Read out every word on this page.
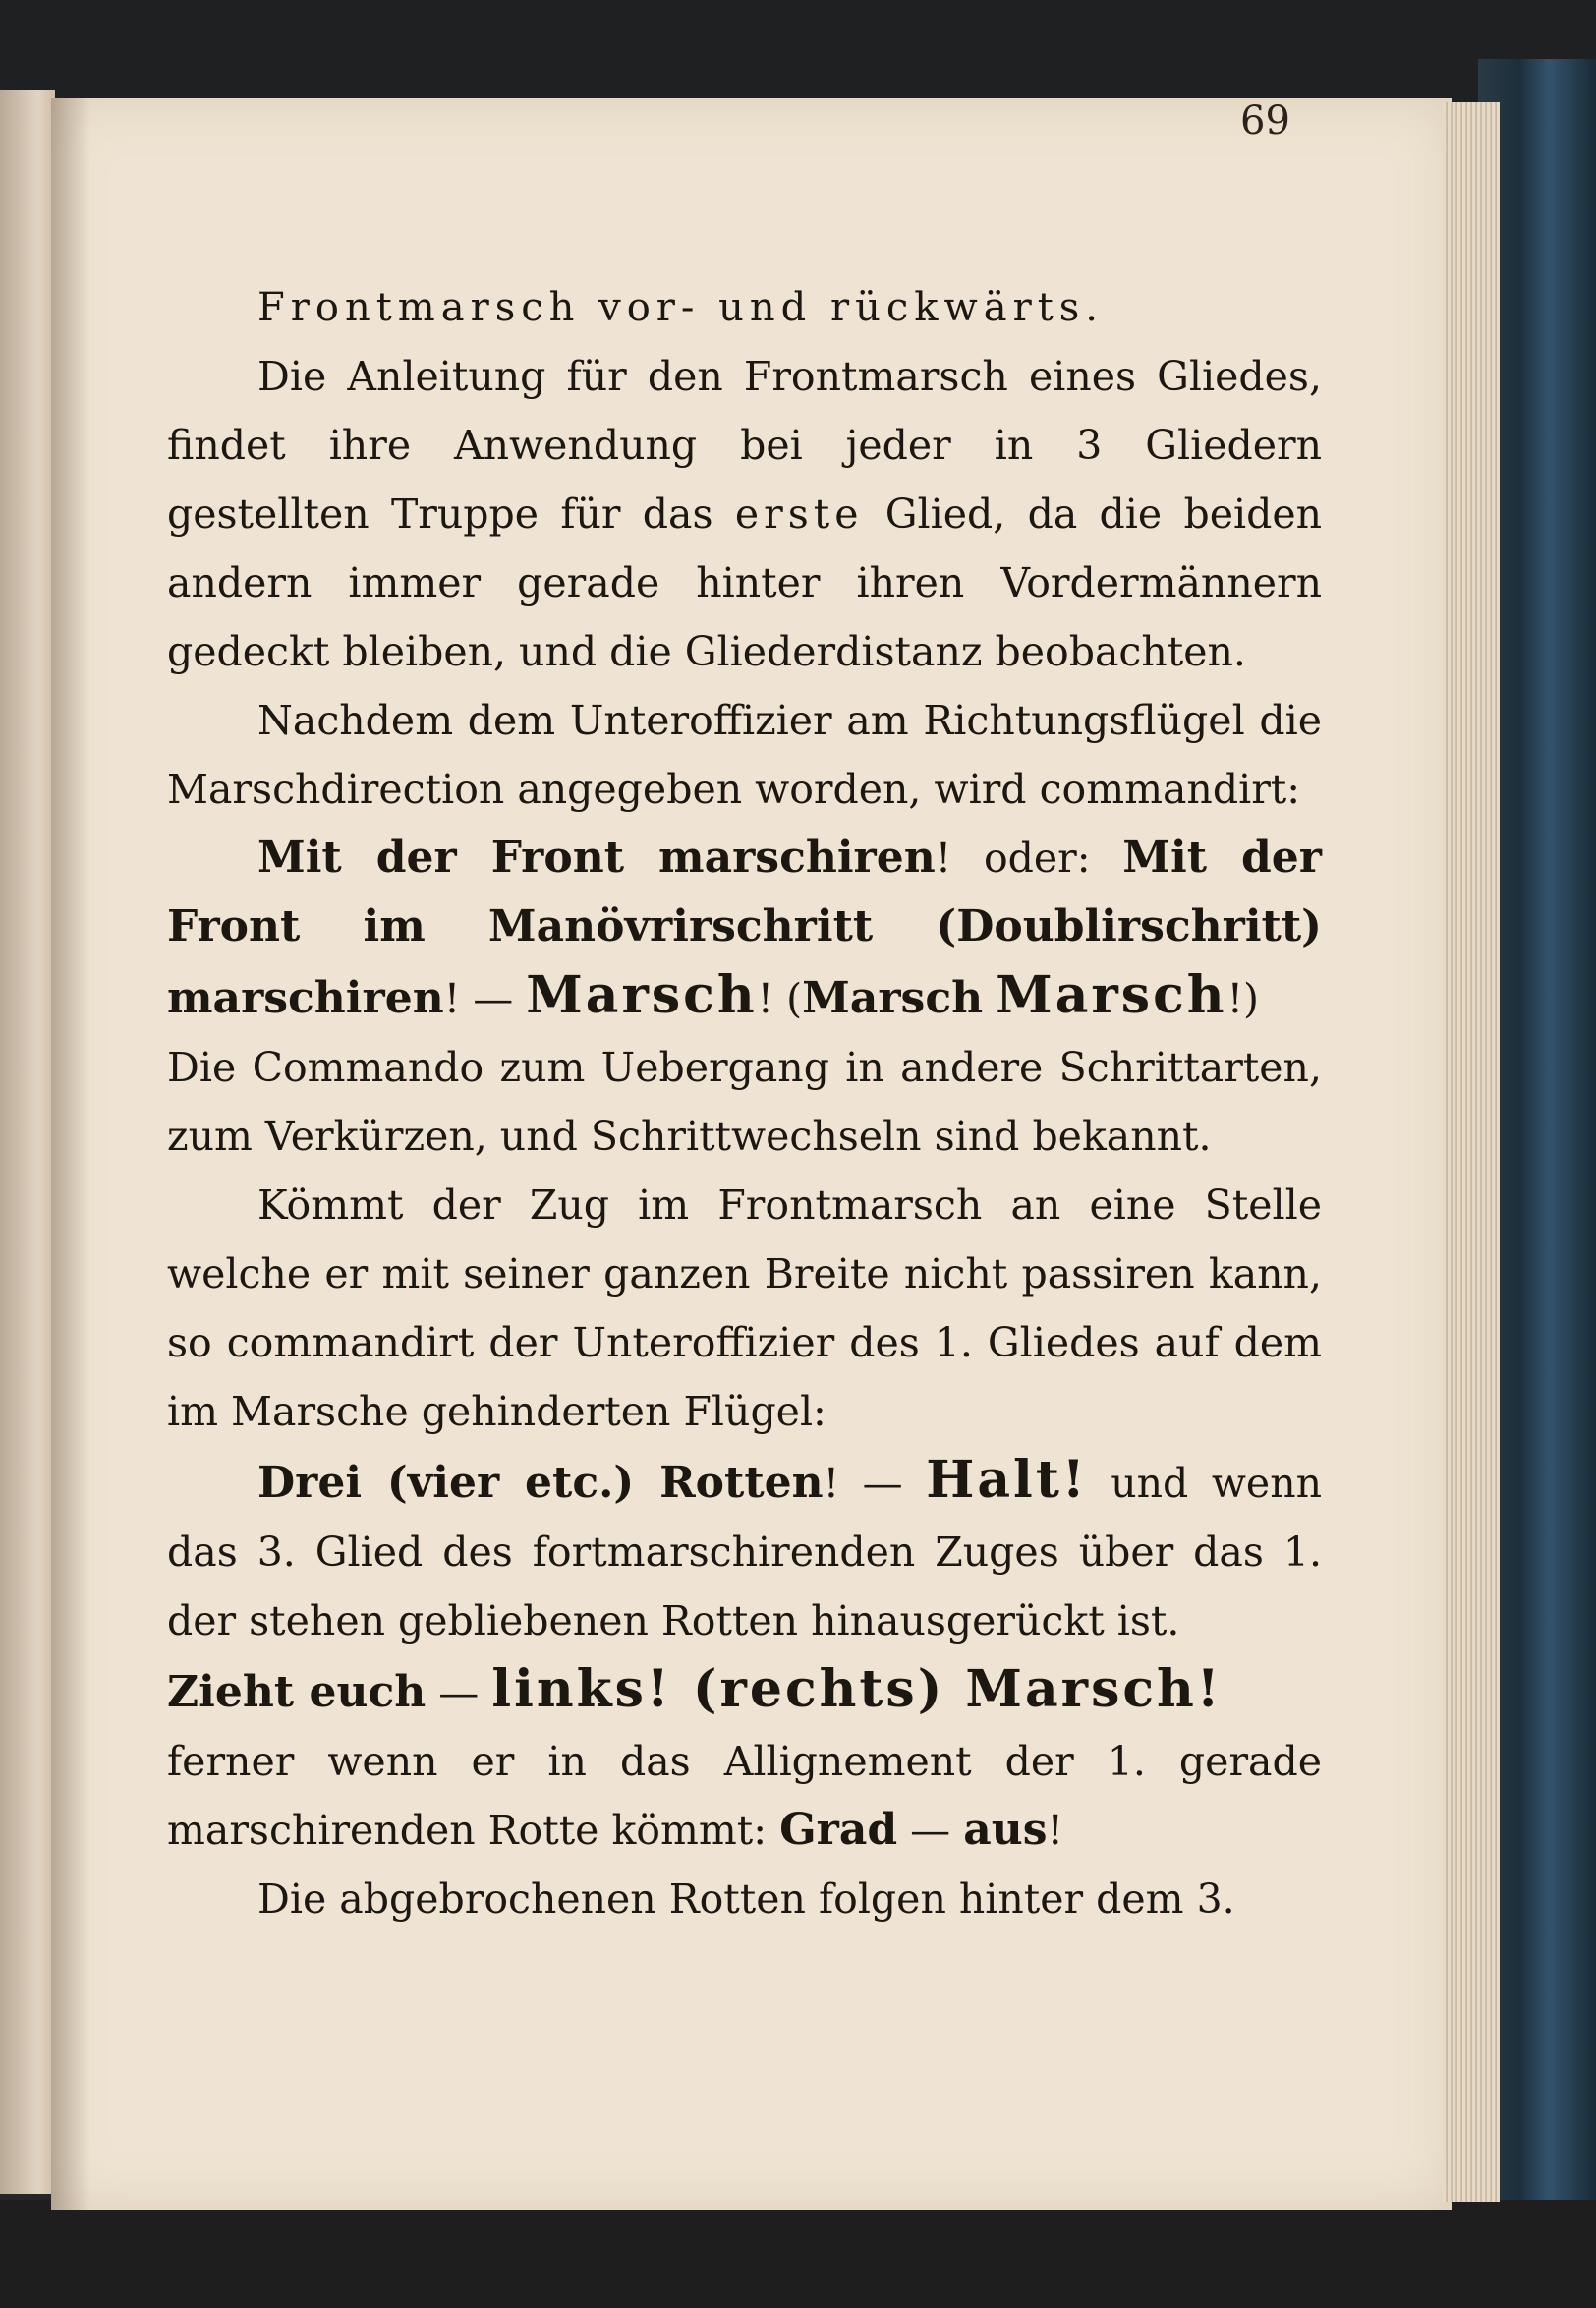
69
Frontmarsch vor- und rückwärts.

Die Anleitung für den Frontmarsch eines Gliedes, findet ihre Anwendung bei jeder in 3 Gliedern gestellten Truppe für das erste Glied, da die beiden andern immer gerade hinter ihren Vordermännern gedeckt bleiben, und die Gliederdistanz beobachten.

Nachdem dem Unteroffizier am Richtungsflügel die Marschdirection angegeben worden, wird commandirt:

Mit der Front marschiren! oder: Mit der Front im Manövrirschritt (Doublirschritt) marschiren! — Marsch! (Marsch Marsch!)

Die Commando zum Uebergang in andere Schrittarten, zum Verkürzen, und Schrittwechseln sind bekannt.

Kömmt der Zug im Frontmarsch an eine Stelle welche er mit seiner ganzen Breite nicht passiren kann, so commandirt der Unteroffizier des 1. Gliedes auf dem im Marsche gehinderten Flügel:

Drei (vier etc.) Rotten! — Halt! und wenn das 3. Glied des fortmarschirenden Zuges über das 1. der stehen gebliebenen Rotten hinausgerückt ist.

Zieht euch — links! (rechts) Marsch!

ferner wenn er in das Allignement der 1. gerade marschirenden Rotte kömmt: Grad — aus!

Die abgebrochenen Rotten folgen hinter dem 3.
